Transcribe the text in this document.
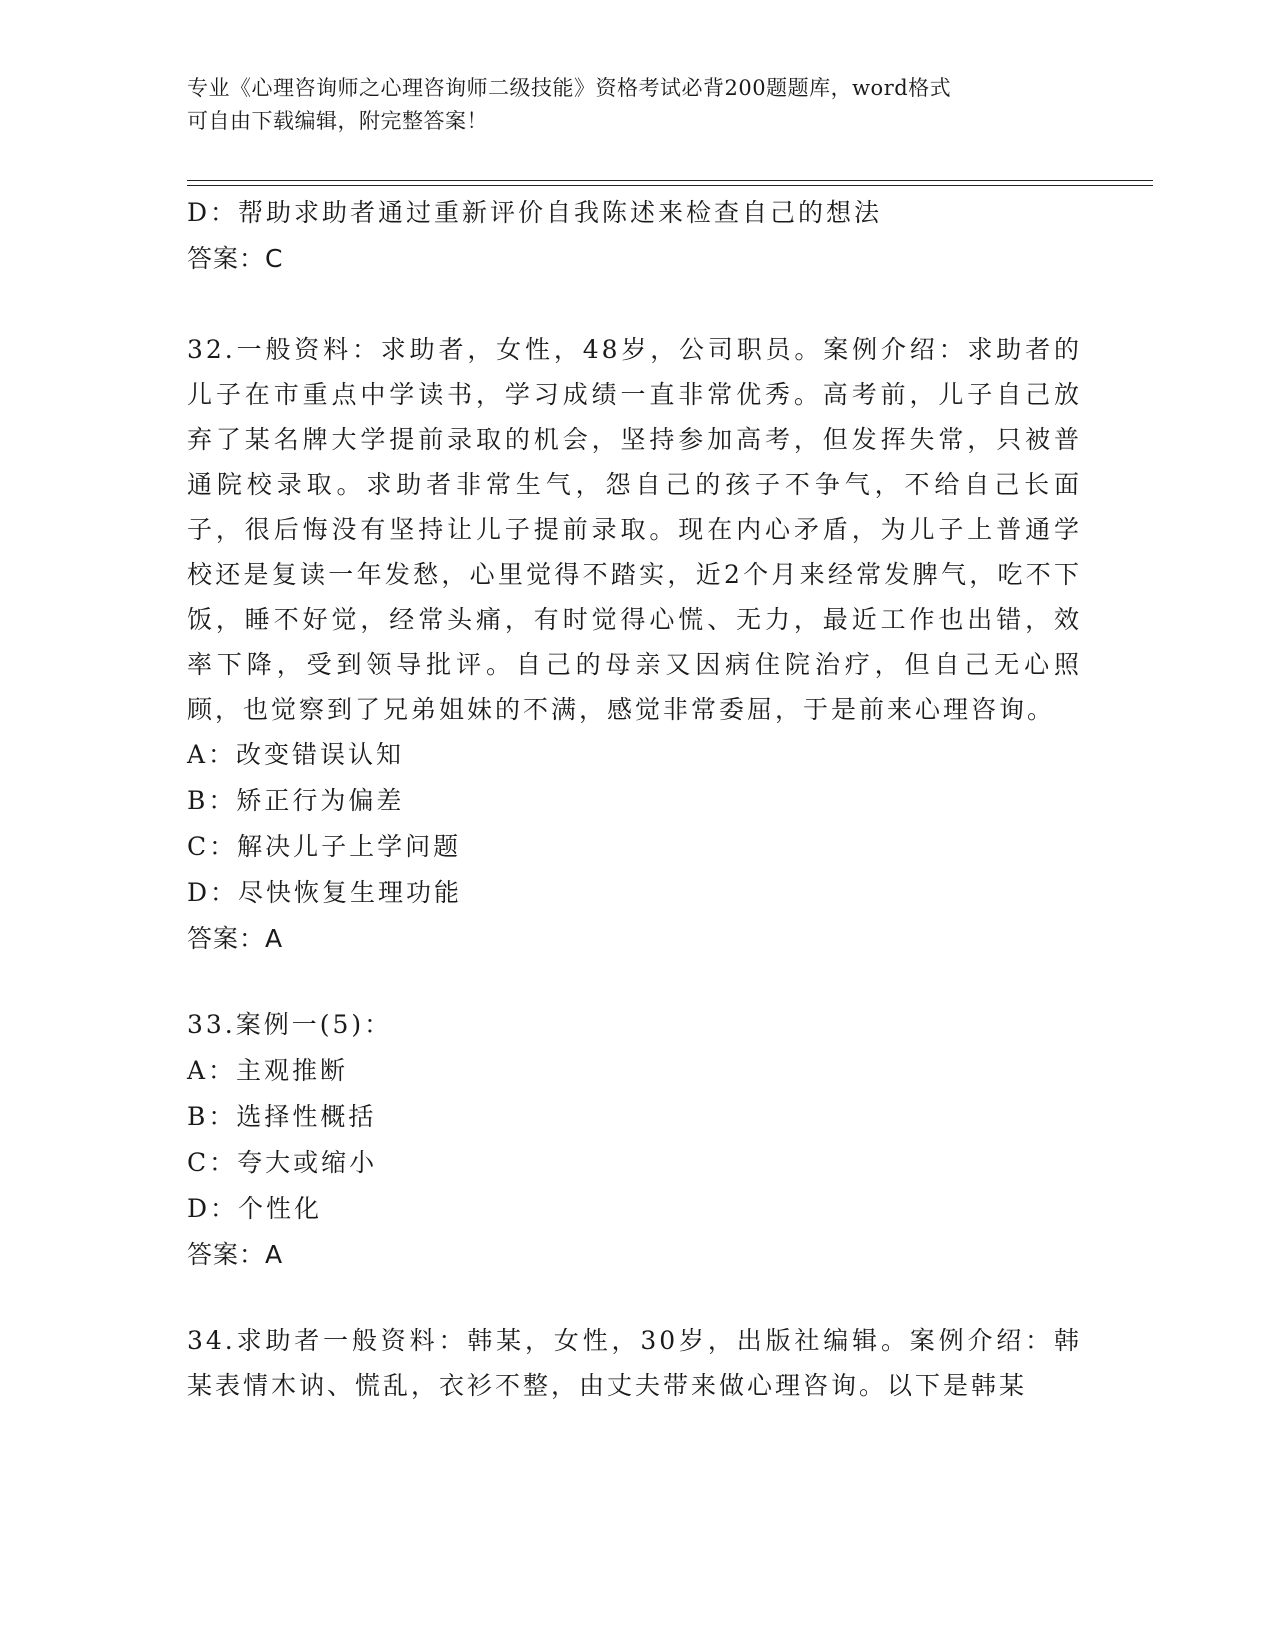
专业《心理咨询师之心理咨询师二级技能》资格考试必背200题题库，word格式
可自由下载编辑，附完整答案！
D：帮助求助者通过重新评价自我陈述来检查自己的想法
答案：C
32.一般资料：求助者，女性，48岁，公司职员。案例介绍：求助者的儿子在市重点中学读书，学习成绩一直非常优秀。高考前，儿子自己放弃了某名牌大学提前录取的机会，坚持参加高考，但发挥失常，只被普通院校录取。求助者非常生气，怨自己的孩子不争气，不给自己长面子，很后悔没有坚持让儿子提前录取。现在内心矛盾，为儿子上普通学校还是复读一年发愁，心里觉得不踏实，近2个月来经常发脾气，吃不下饭，睡不好觉，经常头痛，有时觉得心慌、无力，最近工作也出错，效率下降，受到领导批评。自己的母亲又因病住院治疗，但自己无心照顾，也觉察到了兄弟姐妹的不满，感觉非常委屈，于是前来心理咨询。
A：改变错误认知
B：矫正行为偏差
C：解决儿子上学问题
D：尽快恢复生理功能
答案：A
33.案例一(5)：
A：主观推断
B：选择性概括
C：夸大或缩小
D：个性化
答案：A
34.求助者一般资料：韩某，女性，30岁，出版社编辑。案例介绍：韩某表情木讷、慌乱，衣衫不整，由丈夫带来做心理咨询。以下是韩某
